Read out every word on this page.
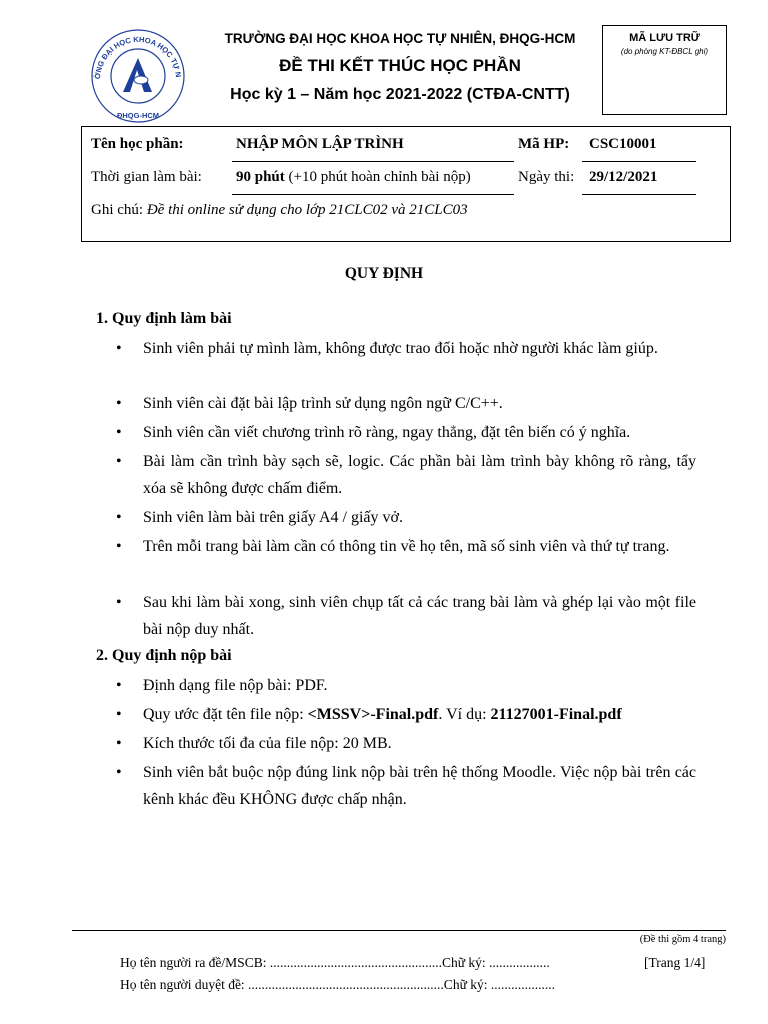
ỜNG ĐẠI HỌC KHOA HỌC TỰ N
ĐHQG-HCM
TRƯỜNG ĐẠI HỌC KHOA HỌC TỰ NHIÊN, ĐHQG-HCM
ĐỀ THI KẾT THÚC HỌC PHẦN
Học kỳ 1 – Năm học 2021-2022 (CTĐA-CNTT)
MÃ LƯU TRỮ
(do phòng KT-ĐBCL ghi)
Tên học phần:	NHẬP MÔN LẬP TRÌNH	Mã HP: CSC10001
Thời gian làm bài: 90 phút (+10 phút hoàn chỉnh bài nộp)	Ngày thi: 29/12/2021
Ghi chú: Đề thi online sử dụng cho lớp 21CLC02 và 21CLC03
QUY ĐỊNH
1. Quy định làm bài
•	Sinh viên phải tự mình làm, không được trao đổi hoặc nhờ người khác làm giúp.
•	Sinh viên cài đặt bài lập trình sử dụng ngôn ngữ C/C++.
•	Sinh viên cần viết chương trình rõ ràng, ngay thẳng, đặt tên biến có ý nghĩa.
•	Bài làm cần trình bày sạch sẽ, logic. Các phần bài làm trình bày không rõ ràng, tẩy xóa sẽ không được chấm điểm.
•	Sinh viên làm bài trên giấy A4 / giấy vở.
•	Trên mỗi trang bài làm cần có thông tin về họ tên, mã số sinh viên và thứ tự trang.
•	Sau khi làm bài xong, sinh viên chụp tất cả các trang bài làm và ghép lại vào một file bài nộp duy nhất.
2. Quy định nộp bài
•	Định dạng file nộp bài: PDF.
•	Quy ước đặt tên file nộp: <MSSV>-Final.pdf. Ví dụ: 21127001-Final.pdf
•	Kích thước tối đa của file nộp: 20 MB.
•	Sinh viên bắt buộc nộp đúng link nộp bài trên hệ thống Moodle. Việc nộp bài trên các kênh khác đều KHÔNG được chấp nhận.
(Đề thi gồm 4 trang)
Họ tên người ra đề/MSCB: ...................................................Chữ ký: ..................	[Trang 1/4]
Họ tên người duyệt đề: ..........................................................Chữ ký: ...................
